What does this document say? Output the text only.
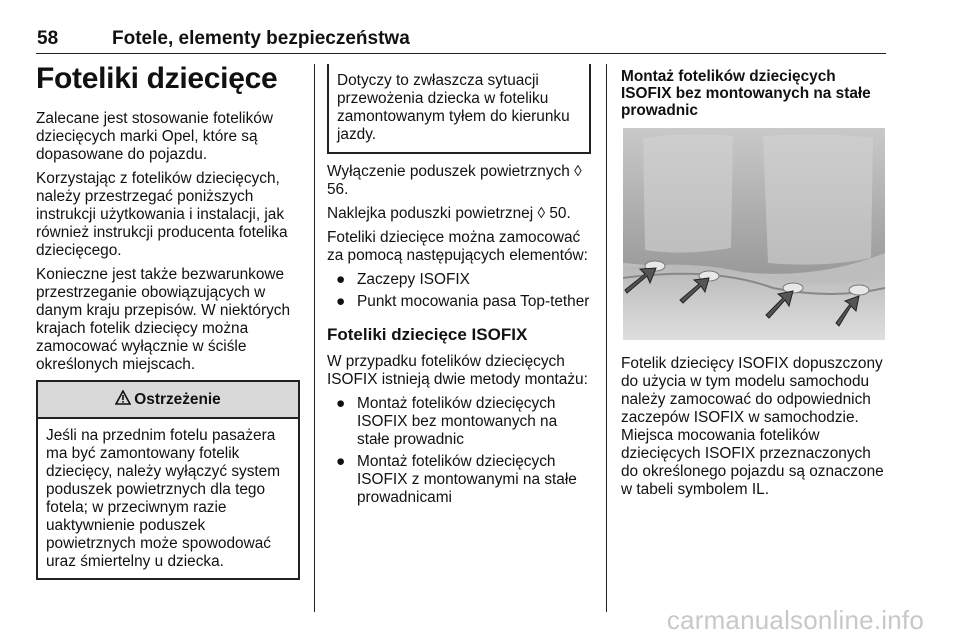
58	Fotele, elementy bezpieczeństwa
Foteliki dziecięce

Zalecane jest stosowanie fotelików dziecięcych marki Opel, które są dopasowane do pojazdu.

Korzystając z fotelików dziecięcych, należy przestrzegać poniższych instrukcji użytkowania i instalacji, jak również instrukcji producenta fotelika dziecięcego.

Konieczne jest także bezwarunkowe przestrzeganie obowiązujących w danym kraju przepisów. W niektórych krajach fotelik dziecięcy można zamocować wyłącznie w ściśle określonych miejscach.

Ostrzeżenie
Jeśli na przednim fotelu pasażera ma być zamontowany fotelik dziecięcy, należy wyłączyć system poduszek powietrznych dla tego fotela; w przeciwnym razie uaktywnienie poduszek powietrznych może spowodować uraz śmiertelny u dziecka.
Dotyczy to zwłaszcza sytuacji przewożenia dziecka w foteliku zamontowanym tyłem do kierunku jazdy.

Wyłączenie poduszek powietrznych ◊ 56.

Naklejka poduszki powietrznej ◊ 50.

Foteliki dziecięce można zamocować za pomocą następujących elementów:

● Zaczepy ISOFIX
● Punkt mocowania pasa Top-tether
Foteliki dziecięce ISOFIX

W przypadku fotelików dziecięcych ISOFIX istnieją dwie metody montażu:

● Montaż fotelików dziecięcych ISOFIX bez montowanych na stałe prowadnic
● Montaż fotelików dziecięcych ISOFIX z montowanymi na stałe prowadnicami
Montaż fotelików dziecięcych ISOFIX bez montowanych na stałe prowadnic

Fotelik dziecięcy ISOFIX dopuszczony do użycia w tym modelu samochodu należy zamocować do odpowiednich zaczepów ISOFIX w samochodzie. Miejsca mocowania fotelików dziecięcych ISOFIX przeznaczonych do określonego pojazdu są oznaczone w tabeli symbolem IL.

carmanualsonline.info
